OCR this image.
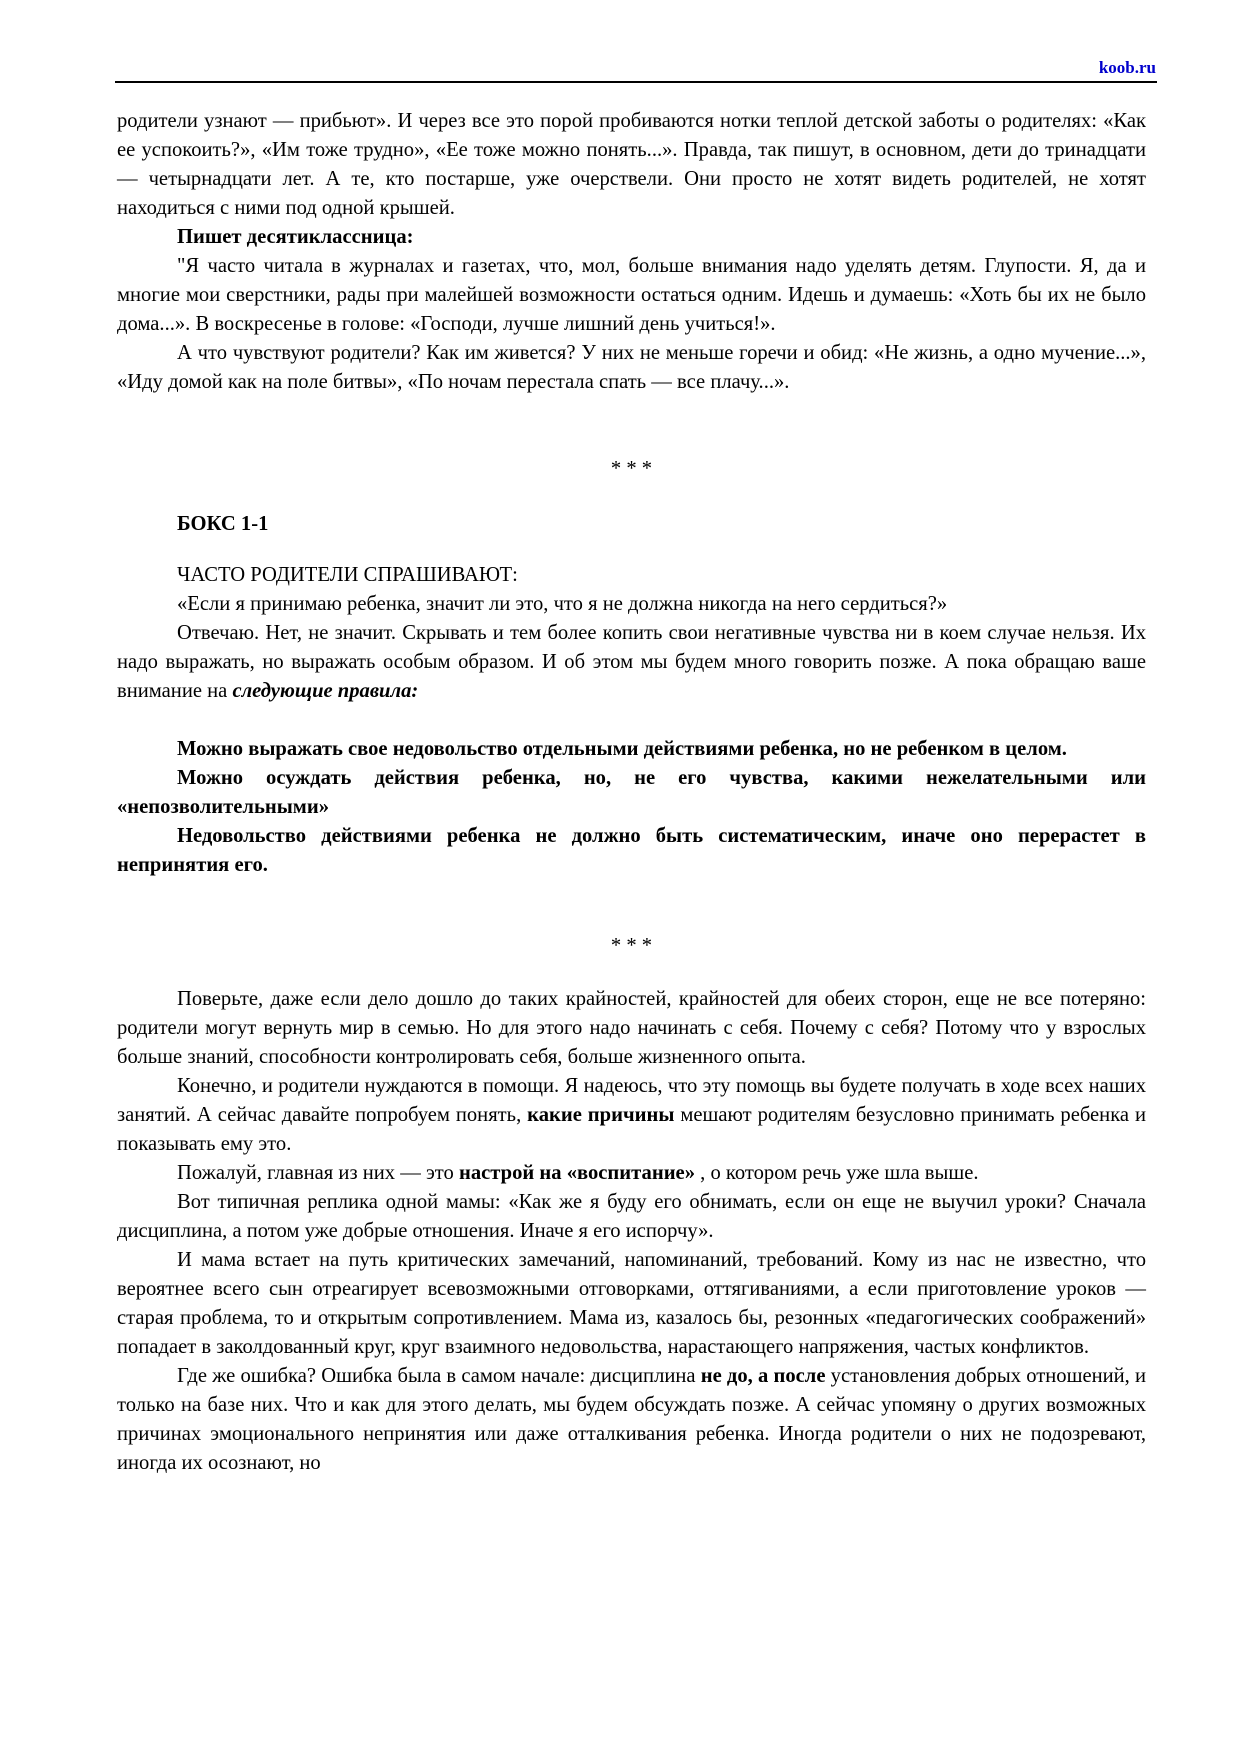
koob.ru

родители узнают — прибьют». И через все это порой пробиваются нотки теплой детской заботы о родителях: «Как ее успокоить?», «Им тоже трудно», «Ее тоже можно понять...». Правда, так пишут, в основном, дети до тринадцати — четырнадцати лет. А те, кто постарше, уже очерствели. Они просто не хотят видеть родителей, не хотят находиться с ними под одной крышей.

Пишет десятиклассница:

"Я часто читала в журналах и газетах, что, мол, больше внимания надо уделять детям. Глупости. Я, да и многие мои сверстники, рады при малейшей возможности остаться одним. Идешь и думаешь: «Хоть бы их не было дома...». В воскресенье в голове: «Господи, лучше лишний день учиться!».

А что чувствуют родители? Как им живется? У них не меньше горечи и обид: «Не жизнь, а одно мучение...», «Иду домой как на поле битвы», «По ночам перестала спать — все плачу...».

* * *

БОКС 1-1

ЧАСТО РОДИТЕЛИ СПРАШИВАЮТ:

«Если я принимаю ребенка, значит ли это, что я не должна никогда на него сердиться?»

Отвечаю. Нет, не значит. Скрывать и тем более копить свои негативные чувства ни в коем случае нельзя. Их надо выражать, но выражать особым образом. И об этом мы будем много говорить позже. А пока обращаю ваше внимание на следующие правила:

Можно выражать свое недовольство отдельными действиями ребенка, но не ребенком в целом.

Можно осуждать действия ребенка, но, не его чувства, какими нежелательными или «непозволительными»

Недовольство действиями ребенка не должно быть систематическим, иначе оно перерастет в непринятия его.

* * *

Поверьте, даже если дело дошло до таких крайностей, крайностей для обеих сторон, еще не все потеряно: родители могут вернуть мир в семью. Но для этого надо начинать с себя. Почему с себя? Потому что у взрослых больше знаний, способности контролировать себя, больше жизненного опыта.

Конечно, и родители нуждаются в помощи. Я надеюсь, что эту помощь вы будете получать в ходе всех наших занятий. А сейчас давайте попробуем понять, какие причины мешают родителям безусловно принимать ребенка и показывать ему это.

Пожалуй, главная из них — это настрой на «воспитание» , о котором речь уже шла выше.

Вот типичная реплика одной мамы: «Как же я буду его обнимать, если он еще не выучил уроки? Сначала дисциплина, а потом уже добрые отношения. Иначе я его испорчу».

И мама встает на путь критических замечаний, напоминаний, требований. Кому из нас не известно, что вероятнее всего сын отреагирует всевозможными отговорками, оттягиваниями, а если приготовление уроков — старая проблема, то и открытым сопротивлением. Мама из, казалось бы, резонных «педагогических соображений» попадает в заколдованный круг, круг взаимного недовольства, нарастающего напряжения, частых конфликтов.

Где же ошибка? Ошибка была в самом начале: дисциплина не до, а после установления добрых отношений, и только на базе них. Что и как для этого делать, мы будем обсуждать позже. А сейчас упомяну о других возможных причинах эмоционального непринятия или даже отталкивания ребенка. Иногда родители о них не подозревают, иногда их осознают, но
